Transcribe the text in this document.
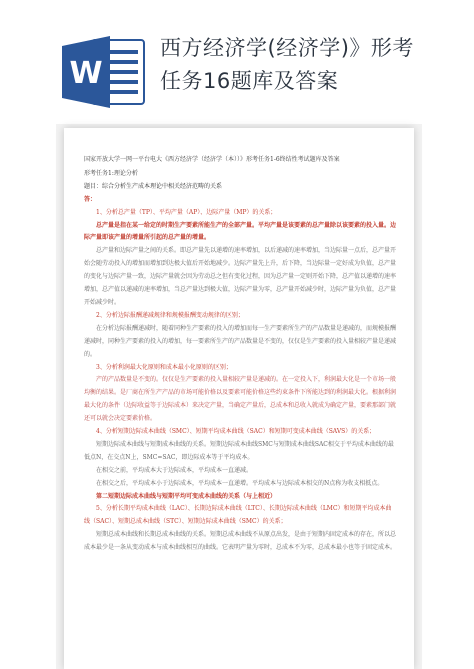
W
西方经济学(经济学)》形考
任务16题库及答案

国家开放大学一网一平台电大《西方经济学（经济学（本））》形考任务1-6终结性考试题库及答案

形考任务1:理论分析

题目：综合分析生产成本理论中相关经济范畴的关系

答：

1、分析总产量（TP）、平均产量（AP）、边际产量（MP）的关系；

总产量是指在某一给定的时期生产要素所能生产的全部产量。平均产量是该要素的总产量除以该要素的投入量。边际产量即该产量的增量所引起的总产量的增量。

总产量和边际产量之间的关系。即总产量先以递增的速率增加，以后递减的速率增加，当边际量一点后，总产量开始会随劳动投入的增加而增加到达极大值后开始地减少。边际产量先上升，后下降，当边际量一定好成为负值，总产量的变化与边际产量一致，边际产量就会因为劳动总之但有变化过程，因为总产量一定则开始下降，总产值以递增的速率增加，总产值以递减的速率增加，当总产量达到极大值，边际产量为零，总产量开始减少时，边际产量为负值，总产量开始减少时。

2、分析边际报酬递减规律和规模报酬变动规律的区别；

在分析边际报酬递减时，随着同种生产要素的投入的增加而每一生产要素所生产的产品数量是递减的，而规模报酬递减时，同种生产要素的投入的增加，每一要素所生产的产品数量是不变的，仅仅是生产要素的投入量相较产量是递减的。

3、分析利润最大化原则和成本最小化原则的区别；

产的产品数量是不变的。仅仅是生产要素的投入量相较产量是递减的。在一定投入下，利润最大化是一个市场一般均衡的结果。是厂商在所生产产品的市场可能价格以及要素可能价格这些约束条件下所能达到的利润最大化。根据利润最大化的条件（边际收益等于边际成本）来决定产量，当确定产量后，总成本和总收入就成为确定产量，要素那部门就还可以就会决定要素价格。

4、分析短期边际成本曲线（SMC）、短期平均成本曲线（SAC）和短期可变成本曲线（SAVS）的关系；

短期边际成本曲线与短期成本曲线的关系。短期边际成本曲线SMC与短期成本曲线SAC相交于平均成本曲线的最低点N，在交点N上，SMC=SAC，即边际成本等于平均成本。

在相交之前，平均成本大于边际成本，平均成本一直递减。

在相交之后，平均成本小于边际成本，平均成本一直递增。平均成本与边际成本相交的N点称为收支相抵点。

第二短期边际成本曲线与短期平均可变成本曲线的关系（与上相近）

5、分析长期平均成本曲线（LAC）、长期边际成本曲线（LTC）、长期边际成本曲线（LMC）和短期平均成本曲线（SAC）、短期总成本曲线（STC）、短期边际成本曲线（SMC）的关系；

短期总成本曲线和长期总成本曲线的关系。短期总成本曲线不从原点出发，是由于短期内固定成本的存在，所以总成本最少是一条从变动成本与成本曲线相互的曲线。它表明产量为零时，总成本不为零，总成本最小也等于固定成本。
